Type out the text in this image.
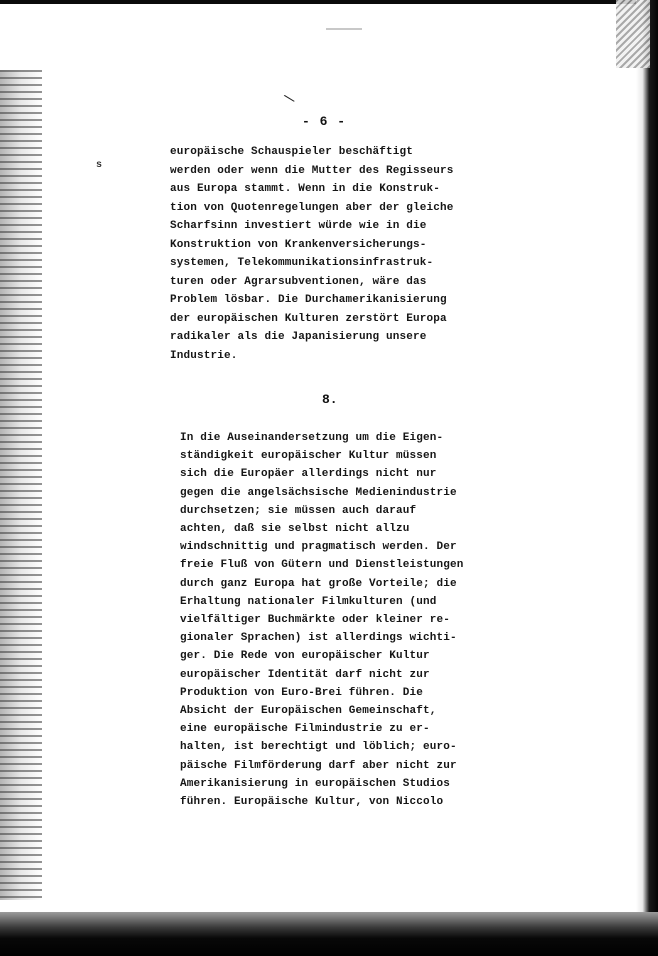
\
s
- 6 -
europäische Schauspieler beschäftigt
werden oder wenn die Mutter des Regisseurs
aus Europa stammt. Wenn in die Konstruk-
tion von Quotenregelungen aber der gleiche
Scharfsinn investiert würde wie in die
Konstruktion von Krankenversicherungs-
systemen, Telekommunikationsinfrastruk-
turen oder Agrarsubventionen, wäre das
Problem lösbar. Die Durchamerikanisierung
der europäischen Kulturen zerstört Europa
radikaler als die Japanisierung unsere
Industrie.
8.
In die Auseinandersetzung um die Eigen-
ständigkeit europäischer Kultur müssen
sich die Europäer allerdings nicht nur
gegen die angelsächsische Medienindustrie
durchsetzen; sie müssen auch darauf
achten, daß sie selbst nicht allzu
windschnittig und pragmatisch werden. Der
freie Fluß von Gütern und Dienstleistungen
durch ganz Europa hat große Vorteile; die
Erhaltung nationaler Filmkulturen (und
vielfältiger Buchmärkte oder kleiner re-
gionaler Sprachen) ist allerdings wichti-
ger. Die Rede von europäischer Kultur
europäischer Identität darf nicht zur
Produktion von Euro-Brei führen. Die
Absicht der Europäischen Gemeinschaft,
eine europäische Filmindustrie zu er-
halten, ist berechtigt und löblich; euro-
päische Filmförderung darf aber nicht zur
Amerikanisierung in europäischen Studios
führen. Europäische Kultur, von Niccolo
